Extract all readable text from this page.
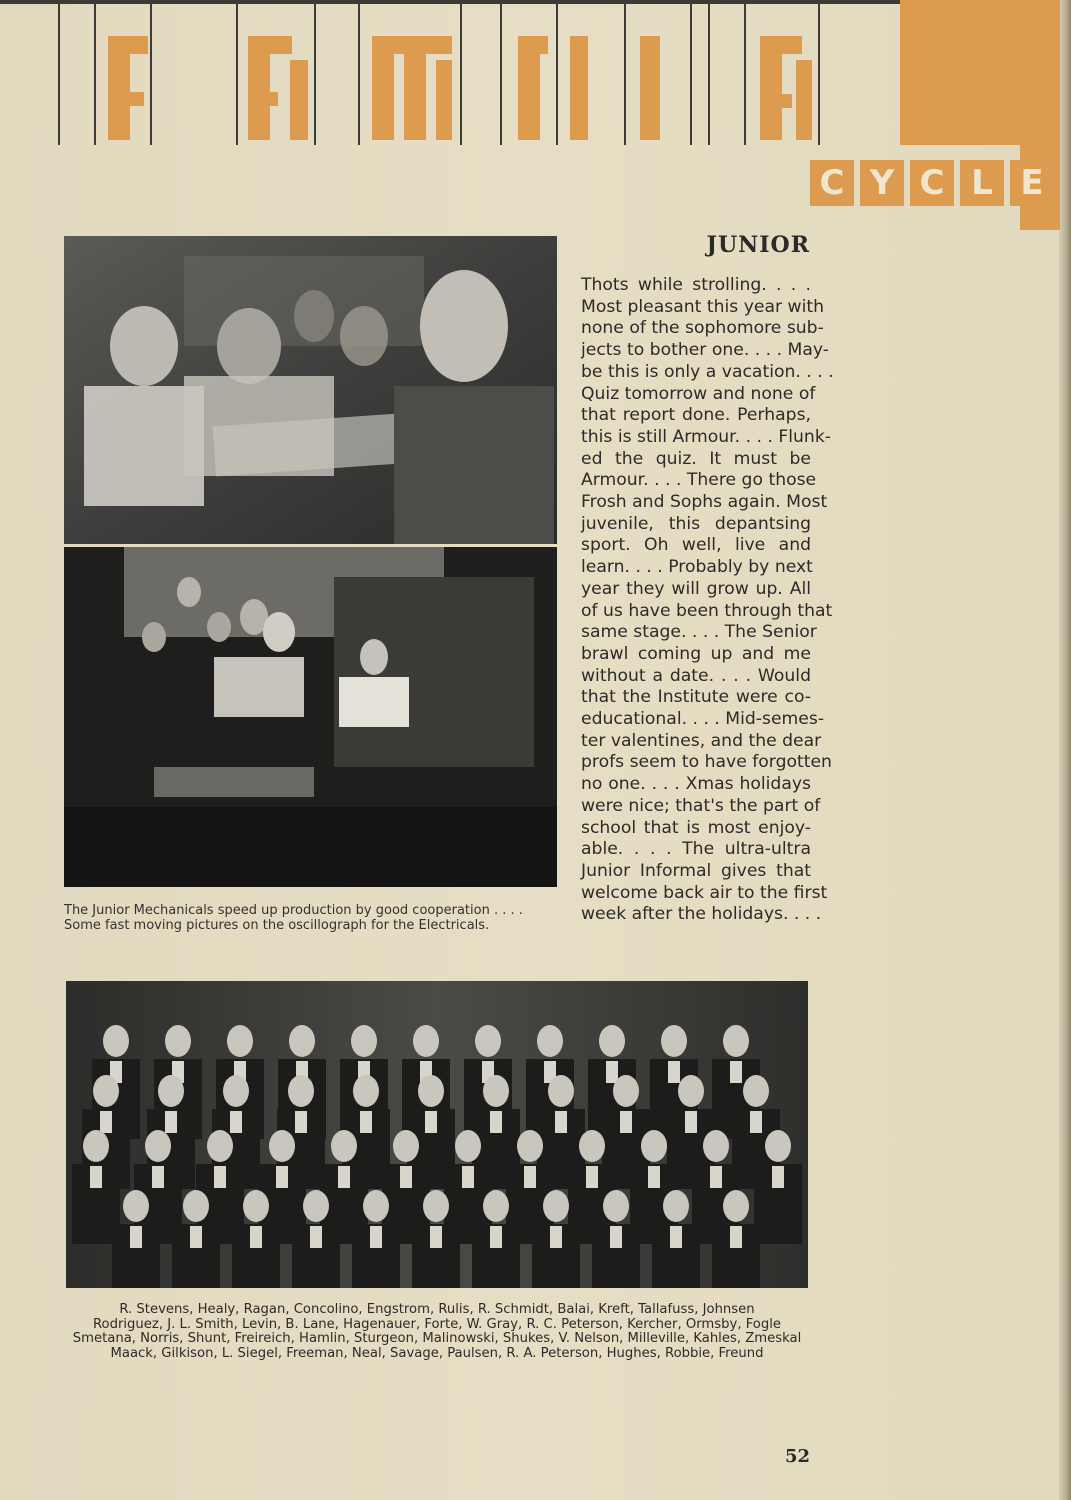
C Y C L E
The Junior Mechanicals speed up production by good cooperation . . . .
Some fast moving pictures on the oscillograph for the Electricals.
JUNIOR
Thots while strolling. . . .
Most pleasant this year with
none of the sophomore sub-
jects to bother one. . . . May-
be this is only a vacation. . . .
Quiz tomorrow and none of
that report done. Perhaps,
this is still Armour. . . . Flunk-
ed the quiz. It must be
Armour. . . . There go those
Frosh and Sophs again. Most
juvenile, this depantsing
sport. Oh well, live and
learn. . . . Probably by next
year they will grow up. All
of us have been through that
same stage. . . . The Senior
brawl coming up and me
without a date. . . . Would
that the Institute were co-
educational. . . . Mid-semes-
ter valentines, and the dear
profs seem to have forgotten
no one. . . . Xmas holidays
were nice; that's the part of
school that is most enjoy-
able. . . . The ultra-ultra
Junior Informal gives that
welcome back air to the first
week after the holidays. . . .
R. Stevens, Healy, Ragan, Concolino, Engstrom, Rulis, R. Schmidt, Balai, Kreft, Tallafuss, Johnsen
Rodriguez, J. L. Smith, Levin, B. Lane, Hagenauer, Forte, W. Gray, R. C. Peterson, Kercher, Ormsby, Fogle
Smetana, Norris, Shunt, Freireich, Hamlin, Sturgeon, Malinowski, Shukes, V. Nelson, Milleville, Kahles, Zmeskal
Maack, Gilkison, L. Siegel, Freeman, Neal, Savage, Paulsen, R. A. Peterson, Hughes, Robbie, Freund
52
